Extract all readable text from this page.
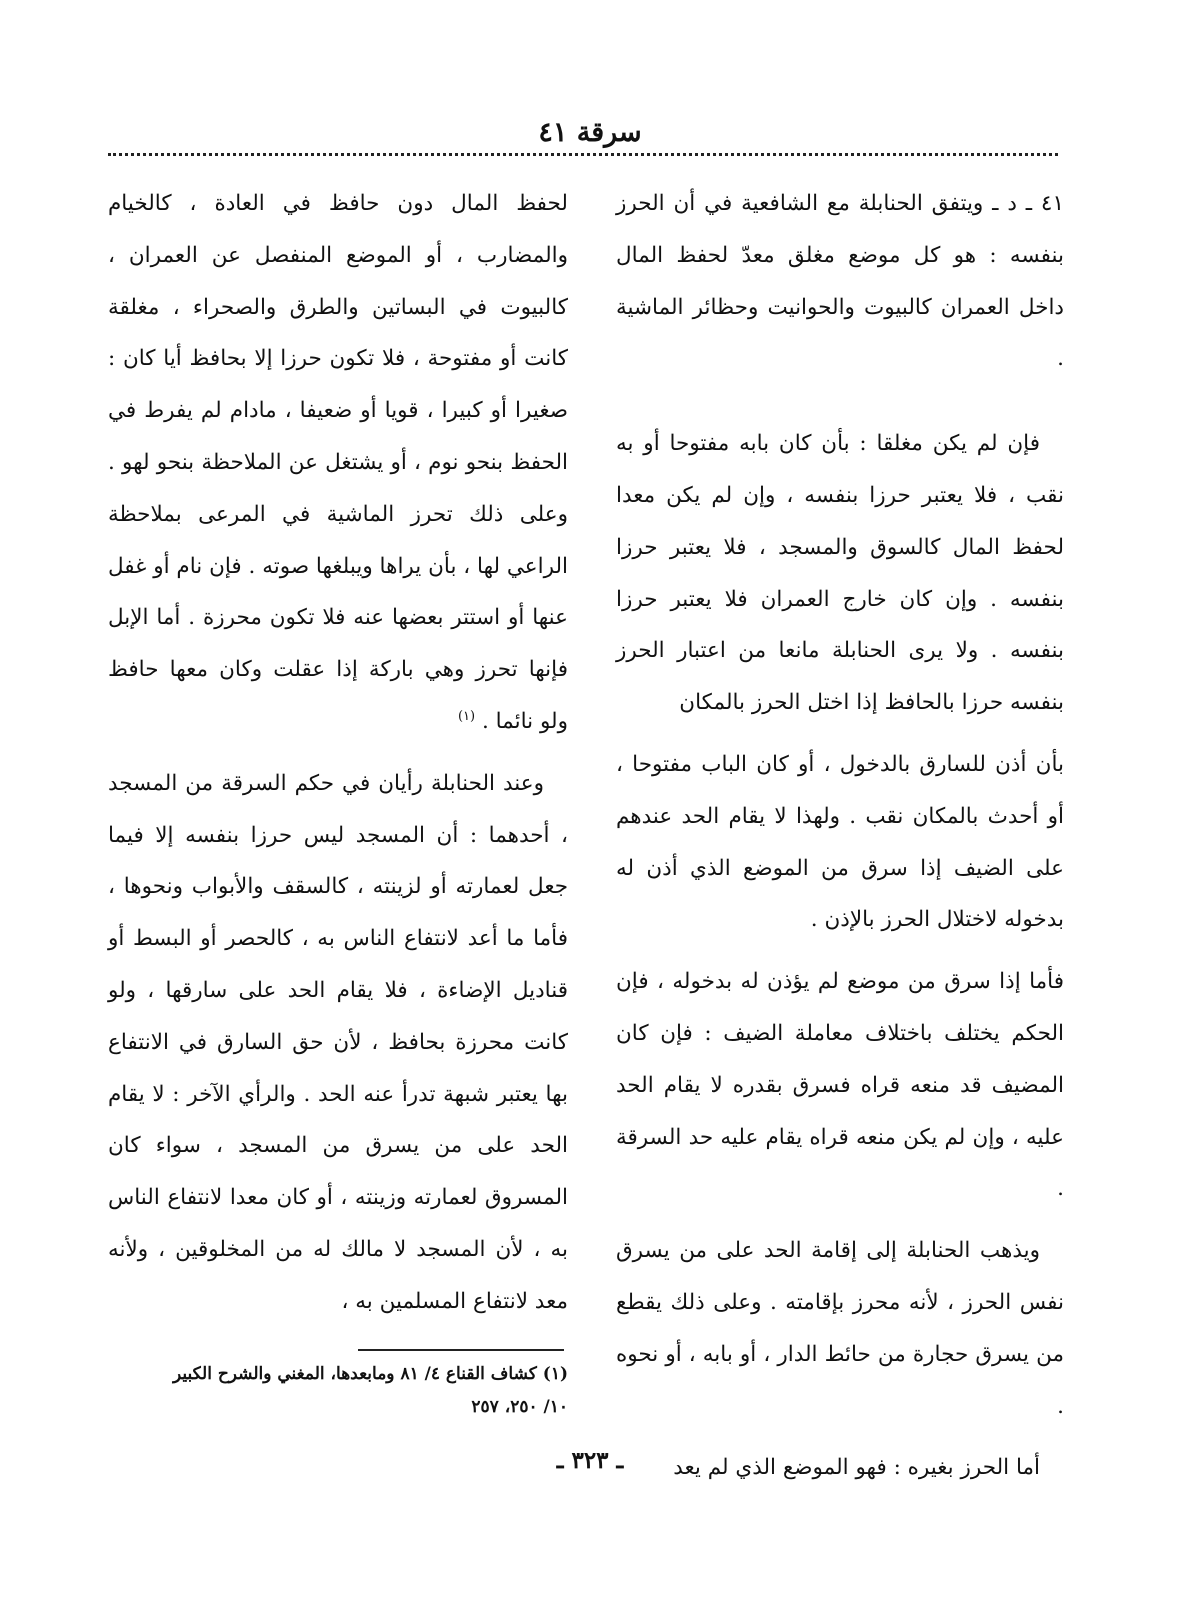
سرقة ٤١

٤١ ـ د ـ ويتفق الحنابلة مع الشافعية في أن الحرز بنفسه : هو كل موضع مغلق معدّ لحفظ المال داخل العمران كالبيوت والحوانيت وحظائر الماشية .

فإن لم يكن مغلقا : بأن كان بابه مفتوحا أو به نقب ، فلا يعتبر حرزا بنفسه ، وإن لم يكن معدا لحفظ المال كالسوق والمسجد ، فلا يعتبر حرزا بنفسه . وإن كان خارج العمران فلا يعتبر حرزا بنفسه . ولا يرى الحنابلة مانعا من اعتبار الحرز بنفسه حرزا بالحافظ إذا اختل الحرز بالمكان

بأن أذن للسارق بالدخول ، أو كان الباب مفتوحا ، أو أحدث بالمكان نقب . ولهذا لا يقام الحد عندهم على الضيف إذا سرق من الموضع الذي أذن له بدخوله لاختلال الحرز بالإذن .

فأما إذا سرق من موضع لم يؤذن له بدخوله ، فإن الحكم يختلف باختلاف معاملة الضيف : فإن كان المضيف قد منعه قراه فسرق بقدره لا يقام الحد عليه ، وإن لم يكن منعه قراه يقام عليه حد السرقة .

ويذهب الحنابلة إلى إقامة الحد على من يسرق نفس الحرز ، لأنه محرز بإقامته . وعلى ذلك يقطع من يسرق حجارة من حائط الدار ، أو بابه ، أو نحوه .

أما الحرز بغيره : فهو الموضع الذي لم يعد

لحفظ المال دون حافظ في العادة ، كالخيام والمضارب ، أو الموضع المنفصل عن العمران ، كالبيوت في البساتين والطرق والصحراء ، مغلقة كانت أو مفتوحة ، فلا تكون حرزا إلا بحافظ أيا كان : صغيرا أو كبيرا ، قويا أو ضعيفا ، مادام لم يفرط في الحفظ بنحو نوم ، أو يشتغل عن الملاحظة بنحو لهو . وعلى ذلك تحرز الماشية في المرعى بملاحظة الراعي لها ، بأن يراها ويبلغها صوته . فإن نام أو غفل عنها أو استتر بعضها عنه فلا تكون محرزة . أما الإبل فإنها تحرز وهي باركة إذا عقلت وكان معها حافظ ولو نائما . $^{(١)}$

وعند الحنابلة رأيان في حكم السرقة من المسجد ، أحدهما : أن المسجد ليس حرزا بنفسه إلا فيما جعل لعمارته أو لزينته ، كالسقف والأبواب ونحوها ، فأما ما أعد لانتفاع الناس به ، كالحصر أو البسط أو قناديل الإضاءة ، فلا يقام الحد على سارقها ، ولو كانت محرزة بحافظ ، لأن حق السارق في الانتفاع بها يعتبر شبهة تدرأ عنه الحد . والرأي الآخر : لا يقام الحد على من يسرق من المسجد ، سواء كان المسروق لعمارته وزينته ، أو كان معدا لانتفاع الناس به ، لأن المسجد لا مالك له من المخلوقين ، ولأنه معد لانتفاع المسلمين به ،

(١) كشاف القناع ٤/ ٨١ ومابعدها، المغني والشرح الكبير
١٠/ ٢٥٠، ٢٥٧
ـ ٣٢٣ ـ
